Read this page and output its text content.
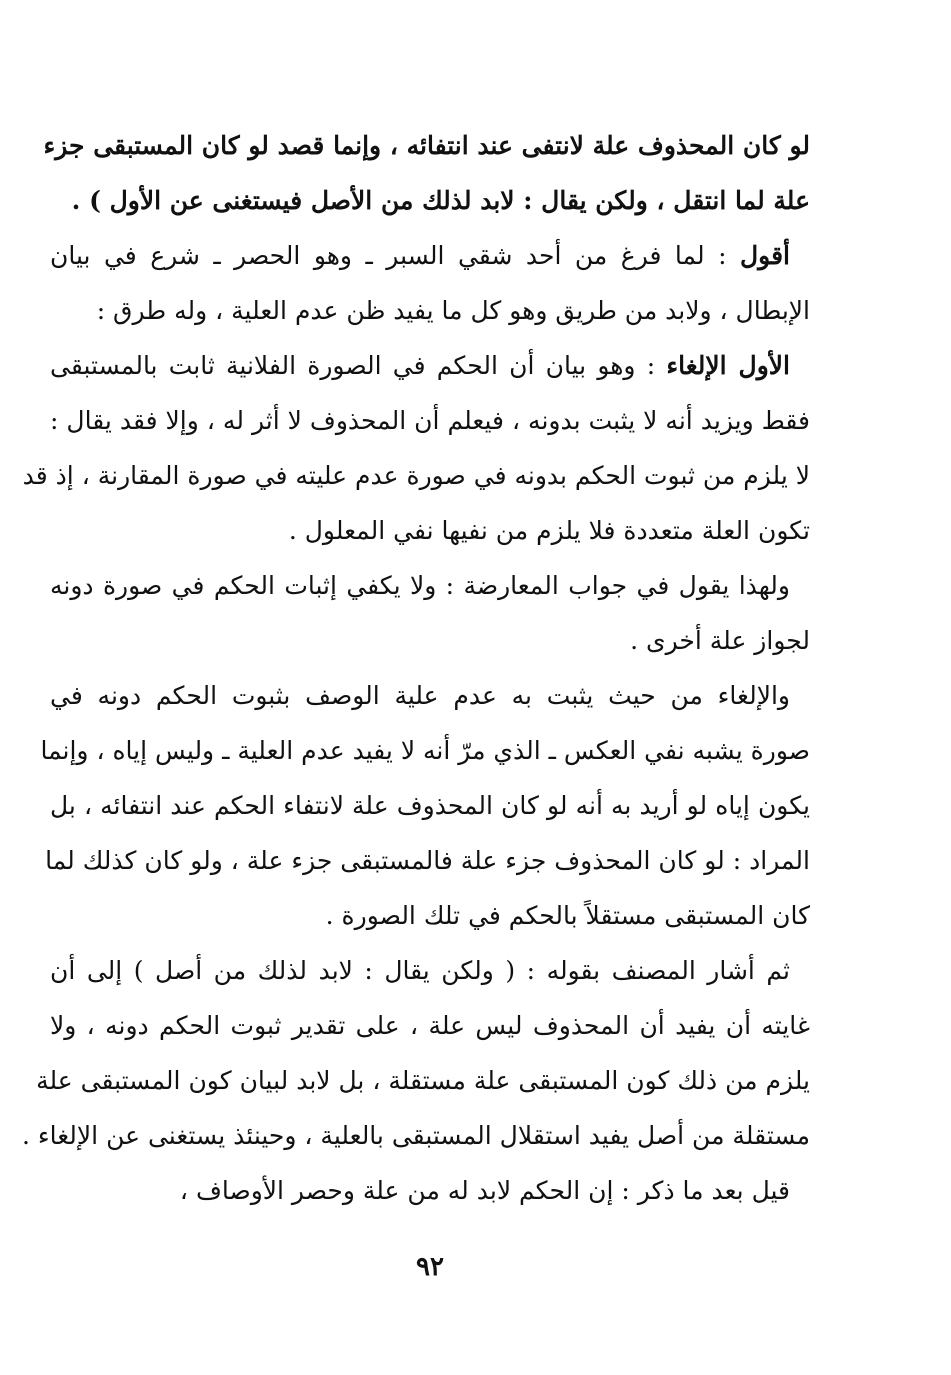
لو كان المحذوف علة لانتفى عند انتفائه ، وإنما قصد لو كان المستبقى جزء
علة لما انتقل ، ولكن يقال : لابد لذلك من الأصل فيستغنى عن الأول ) .
أقول : لما فرغ من أحد شقي السبر ـ وهو الحصر ـ شرع في بيان
الإبطال ، ولابد من طريق وهو كل ما يفيد ظن عدم العلية ، وله طرق :
الأول الإلغاء : وهو بيان أن الحكم في الصورة الفلانية ثابت بالمستبقى
فقط ويزيد أنه لا يثبت بدونه ، فيعلم أن المحذوف لا أثر له ، وإلا فقد يقال :
لا يلزم من ثبوت الحكم بدونه في صورة عدم عليته في صورة المقارنة ، إذ قد
تكون العلة متعددة فلا يلزم من نفيها نفي المعلول .
ولهذا يقول في جواب المعارضة : ولا يكفي إثبات الحكم في صورة دونه
لجواز علة أخرى .
والإلغاء من حيث يثبت به عدم علية الوصف بثبوت الحكم دونه في
صورة يشبه نفي العكس ـ الذي مرّ أنه لا يفيد عدم العلية ـ وليس إياه ، وإنما
يكون إياه لو أريد به أنه لو كان المحذوف علة لانتفاء الحكم عند انتفائه ، بل
المراد : لو كان المحذوف جزء علة فالمستبقى جزء علة ، ولو كان كذلك لما
كان المستبقى مستقلاً بالحكم في تلك الصورة .
ثم أشار المصنف بقوله : ( ولكن يقال : لابد لذلك من أصل ) إلى أن
غايته أن يفيد أن المحذوف ليس علة ، على تقدير ثبوت الحكم دونه ، ولا
يلزم من ذلك كون المستبقى علة مستقلة ، بل لابد لبيان كون المستبقى علة
مستقلة من أصل يفيد استقلال المستبقى بالعلية ، وحينئذ يستغنى عن الإلغاء .
قيل بعد ما ذكر : إن الحكم لابد له من علة وحصر الأوصاف ،
٩٢
